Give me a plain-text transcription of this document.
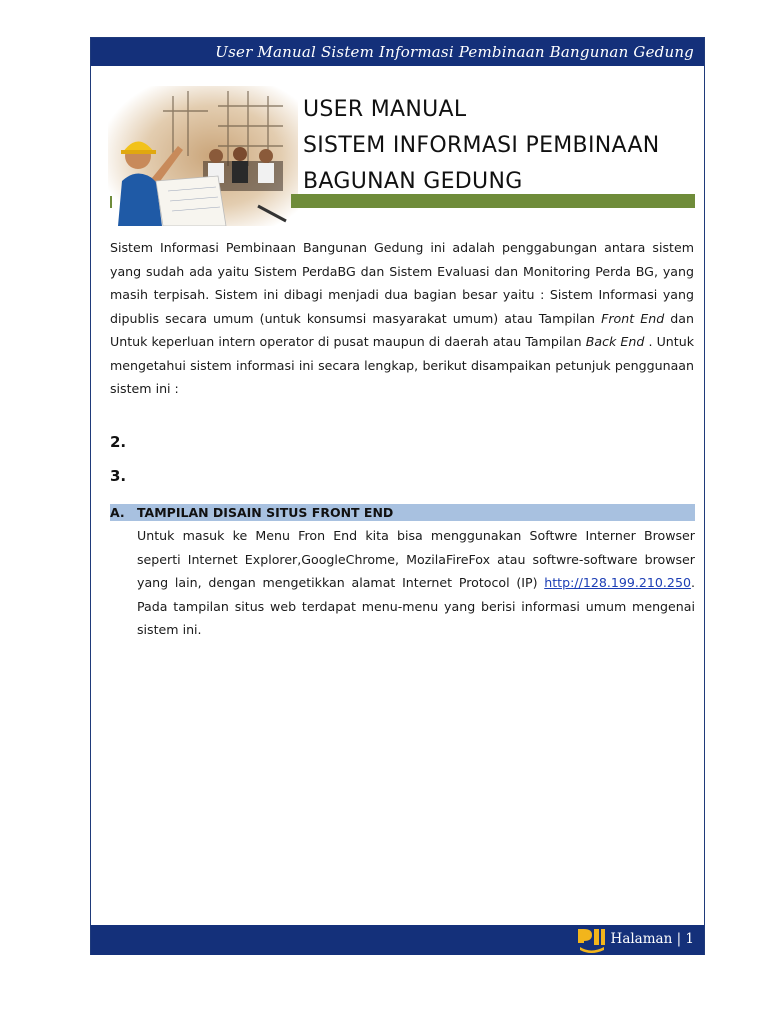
User Manual Sistem Informasi Pembinaan Bangunan Gedung
USER MANUAL
SISTEM INFORMASI PEMBINAAN
BAGUNAN GEDUNG
Sistem Informasi Pembinaan Bangunan Gedung ini adalah penggabungan antara sistem yang sudah ada yaitu Sistem PerdaBG dan Sistem Evaluasi dan Monitoring Perda BG, yang masih terpisah. Sistem ini dibagi menjadi dua bagian besar yaitu : Sistem Informasi yang dipublis secara umum (untuk konsumsi masyarakat umum) atau Tampilan Front End dan Untuk keperluan intern operator di pusat maupun di daerah atau Tampilan Back End . Untuk mengetahui sistem informasi ini secara lengkap, berikut disampaikan petunjuk penggunaan sistem ini :
2.
3.
A. TAMPILAN DISAIN SITUS FRONT END
Untuk masuk ke Menu Fron End kita bisa menggunakan Softwre Interner Browser seperti Internet Explorer,GoogleChrome, MozilaFireFox atau softwre-software browser yang lain, dengan mengetikkan alamat Internet Protocol (IP) http://128.199.210.250. Pada tampilan situs web terdapat menu-menu yang berisi informasi umum mengenai sistem ini.
Halaman | 1
